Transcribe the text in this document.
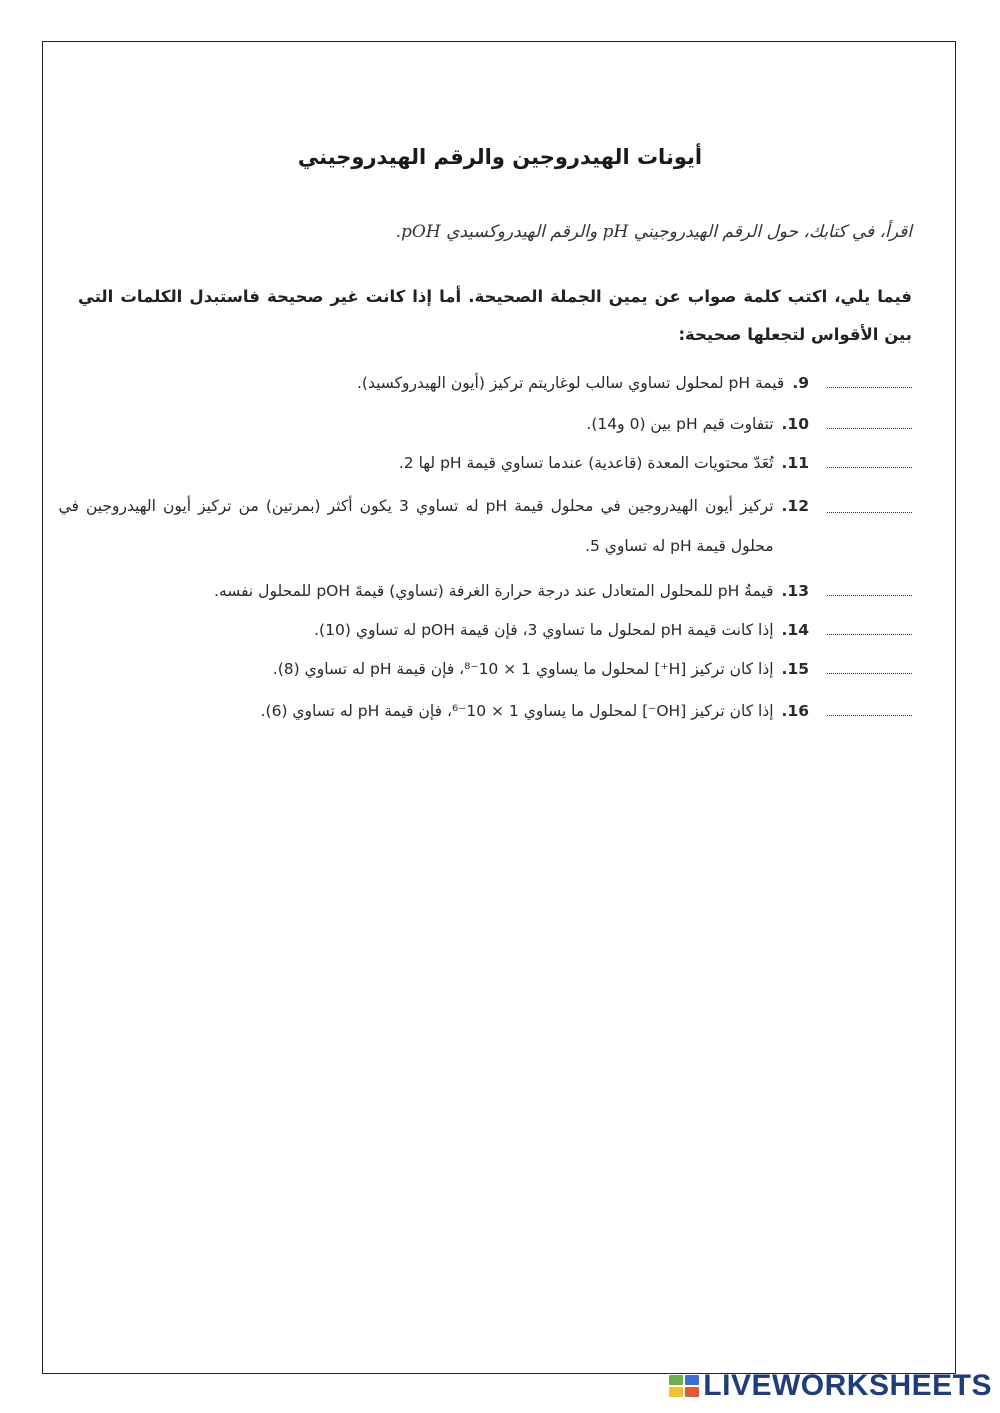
أيونات الهيدروجين والرقم الهيدروجيني
اقرأ، في كتابك، حول الرقم الهيدروجيني pH والرقم الهيدروكسيدي pOH.
فيما يلي، اكتب كلمة صواب عن يمين الجملة الصحيحة. أما إذا كانت غير صحيحة فاستبدل الكلمات التي بين الأقواس لتجعلها صحيحة:
9.
قيمة pH لمحلول تساوي سالب لوغاريتم تركيز (أيون الهيدروكسيد).
10.
تتفاوت قيم pH بين (0 و14).
11.
تُعَدّ محتويات المعدة (قاعدية) عندما تساوي قيمة pH لها 2.
12.
تركيز أيون الهيدروجين في محلول قيمة pH له تساوي 3 يكون أكثر (بمرتين) من تركيز أيون الهيدروجين في محلول قيمة pH له تساوي 5.
13.
قيمةُ pH للمحلول المتعادل عند درجة حرارة الغرفة (تساوي) قيمةَ pOH للمحلول نفسه.
14.
إذا كانت قيمة pH لمحلول ما تساوي 3، فإن قيمة pOH له تساوي (10).
15.
إذا كان تركيز [H⁺] لمحلول ما يساوي 1 × 10⁻⁸، فإن قيمة pH له تساوي (8).
16.
إذا كان تركيز [OH⁻] لمحلول ما يساوي 1 × 10⁻⁶، فإن قيمة pH له تساوي (6).
LIVEWORKSHEETS
